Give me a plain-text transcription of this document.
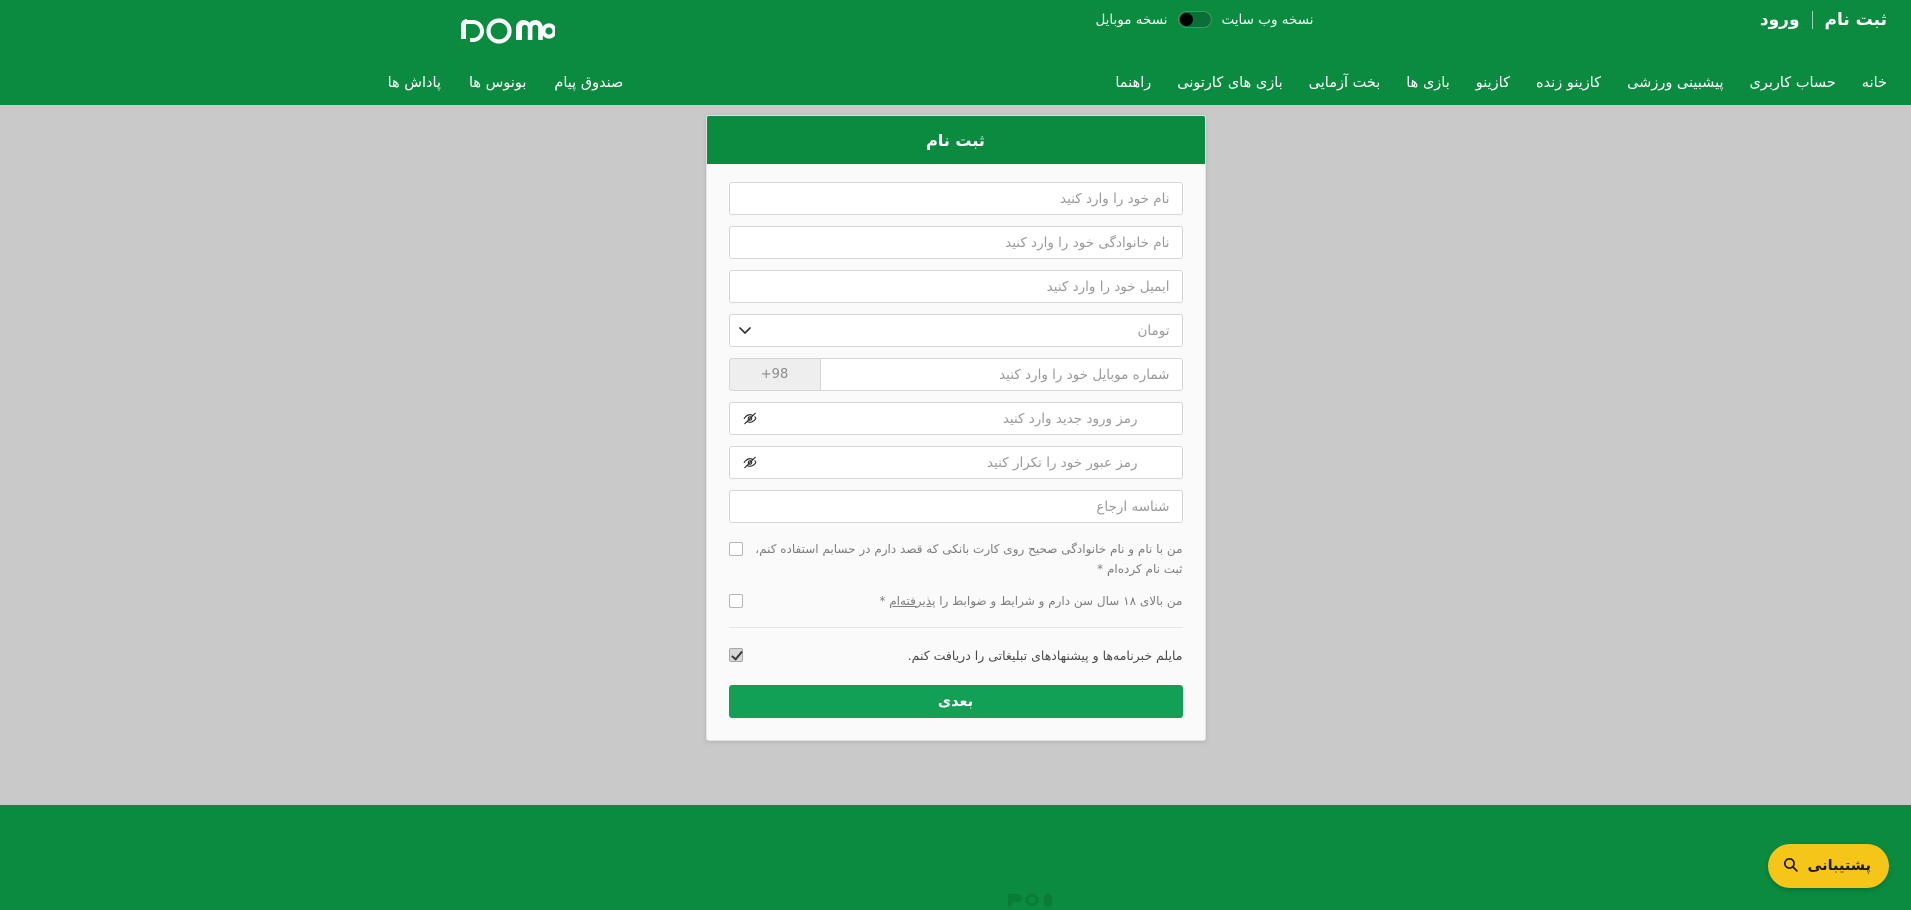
ثبت نام
ورود
نسخه وب سایت
نسخه موبایل
خانه
حساب کاربری
پیشبینی ورزشی
کازینو زنده
کازینو
بازی ها
بخت آزمایی
بازی های کارتونی
راهنما
صندوق پیام
بونوس ها
پاداش ها
ثبت نام
نام خود را وارد کنید نام خانوادگی خود را وارد کنید ایمیل خود را وارد کنید
تومان
+98
شماره موبایل خود را وارد کنید
رمز ورود جدید وارد کنید
رمز عبور خود را تکرار کنید
شناسه ارجاع
من با نام و نام خانوادگی صحیح روی کارت بانکی که قصد دارم در حسابم استفاده کنم، ثبت نام کرده‌ام *
من بالای ۱۸ سال سن دارم و شرایط و ضوابط را پذیرفته‌ام *
مایلم خبرنامه‌ها و پیشنهادهای تبلیغاتی را دریافت کنم.
بعدی
پشتیبانی
